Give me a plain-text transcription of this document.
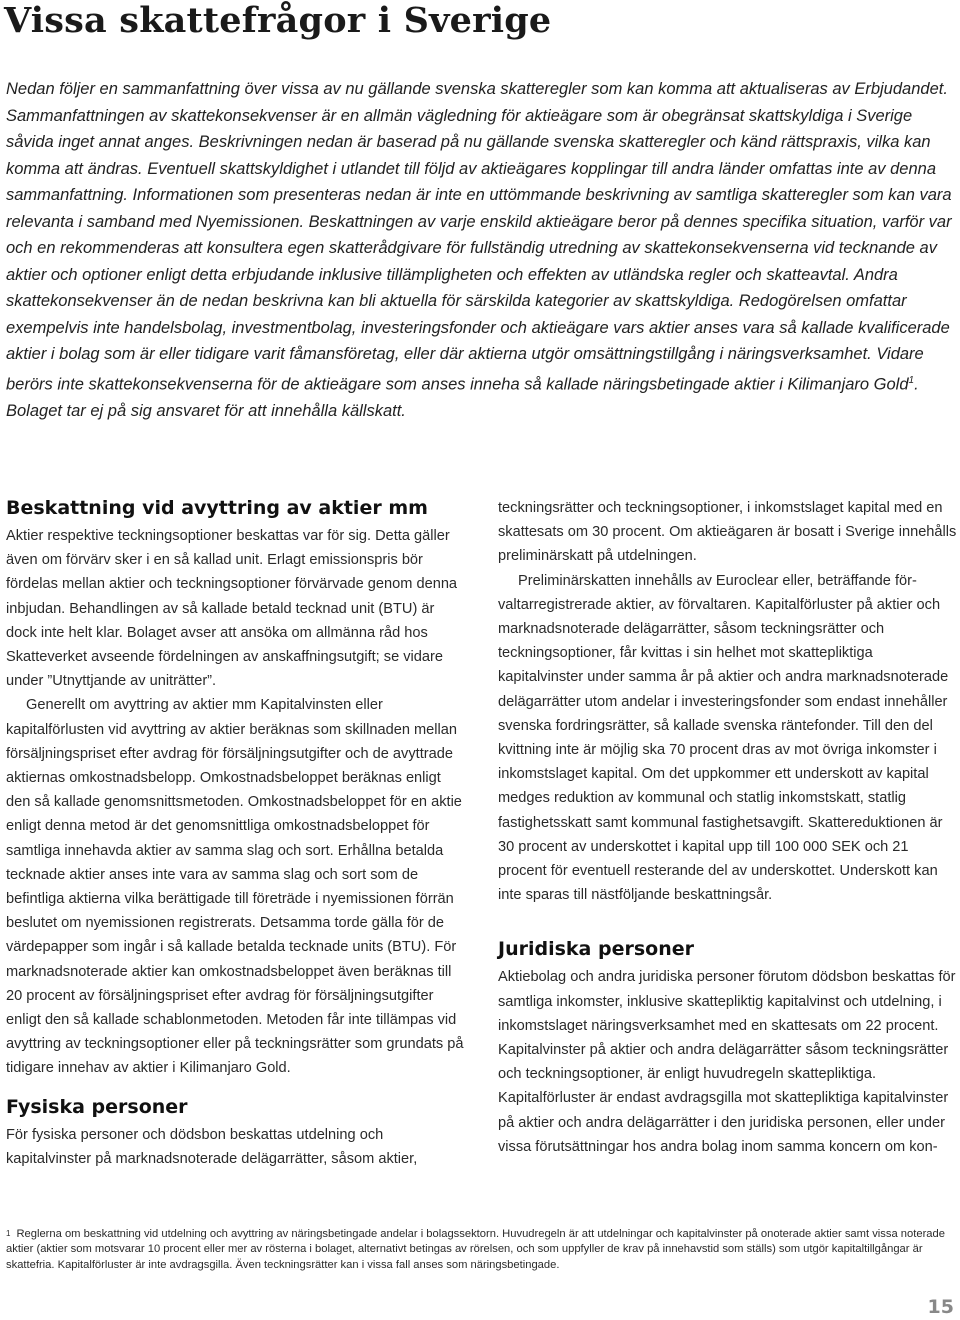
Vissa skattefrågor i Sverige

Nedan följer en sammanfattning över vissa av nu gällande svenska skatteregler som kan komma att aktualiseras av Erbjudandet. Sammanfattningen av skattekonsekvenser är en allmän vägledning för aktieägare som är obegränsat skattskyldiga i Sverige såvida inget annat anges. Beskrivningen nedan är baserad på nu gällande svenska skatteregler och känd rättspraxis, vilka kan komma att ändras. Eventuell skattskyldighet i utlandet till följd av aktieägares kopplingar till andra länder omfattas inte av denna sammanfattning. Informationen som presenteras nedan är inte en uttömmande beskrivning av samtliga skatteregler som kan vara relevanta i samband med Nyemissionen. Beskattningen av varje enskild aktieägare beror på dennes specifika situation, varför var och en rekommenderas att konsultera egen skatterådgivare för fullständig utredning av skattekonsekvenserna vid tecknande av aktier och optioner enligt detta erbjudande inklusive tillämpligheten och effekten av utländska regler och skatteavtal. Andra skattekonsekvenser än de nedan beskrivna kan bli aktuella för särskilda kategorier av skattskyldiga. Redogörelsen omfattar exempelvis inte handelsbolag, investmentbolag, investeringsfonder och aktieägare vars aktier anses vara så kallade kvalificerade aktier i bolag som är eller tidigare varit fåmansföretag, eller där aktierna utgör omsättningstillgång i näringsverksamhet. Vidare berörs inte skattekonsekvenserna för de aktieägare som anses inneha så kallade näringsbetingade aktier i Kilimanjaro Gold$^1$. Bolaget tar ej på sig ansvaret för att innehålla källskatt.

Beskattning vid avyttring av aktier mm

Aktier respektive teckningsoptioner beskattas var för sig. Detta gäller även om förvärv sker i en så kallad unit. Erlagt emissionspris bör fördelas mellan aktier och teckningsoptioner förvärvade genom denna inbjudan. Behandlingen av så kallade betald tecknad unit (BTU) är dock inte helt klar. Bolaget avser att ansöka om allmänna råd hos Skatteverket avseende fördelningen av anskaffningsutgift; se vidare under ”Utnyttjande av uniträtter”.

Generellt om avyttring av aktier mm Kapitalvinsten eller kapitalförlusten vid avyttring av aktier beräknas som skillnaden mellan försäljningspriset efter avdrag för försäljningsutgifter och de avyttrade aktiernas omkostnadsbelopp. Omkostnadsbeloppet beräknas enligt den så kallade genomsnittsmetoden. Omkostnadsbeloppet för en aktie enligt denna metod är det genomsnittliga omkostnadsbeloppet för samtliga innehavda aktier av samma slag och sort. Erhållna betalda tecknade aktier anses inte vara av samma slag och sort som de befintliga aktierna vilka berättigade till företräde i nyemissionen förrän beslutet om nyemissionen registrerats. Detsamma torde gälla för de värdepapper som ingår i så kallade betalda tecknade units (BTU). För marknadsnoterade aktier kan omkostnadsbeloppet även beräknas till 20 procent av försäljningspriset efter avdrag för försäljningsutgifter enligt den så kallade schablonmetoden. Metoden får inte tillämpas vid avyttring av teckningsoptioner eller på teckningsrätter som grundats på tidigare innehav av aktier i Kilimanjaro Gold.

Fysiska personer

För fysiska personer och dödsbon beskattas utdelning och kapitalvinster på marknadsnoterade delägarrätter, såsom aktier,

teckningsrätter och teckningsoptioner, i inkomstslaget kapital med en skattesats om 30 procent. Om aktieägaren är bosatt i Sverige innehålls preliminärskatt på utdelningen.

Preliminärskatten innehålls av Euroclear eller, beträffande förvaltarregistrerade aktier, av förvaltaren. Kapitalförluster på aktier och marknadsnoterade delägarrätter, såsom teckningsrätter och teckningsoptioner, får kvittas i sin helhet mot skattepliktiga kapitalvinster under samma år på aktier och andra marknadsnoterade delägarrätter utom andelar i investeringsfonder som endast innehåller svenska fordringsrätter, så kallade svenska räntefonder. Till den del kvittning inte är möjlig ska 70 procent dras av mot övriga inkomster i inkomstslaget kapital. Om det uppkommer ett underskott av kapital medges reduktion av kommunal och statlig inkomstskatt, statlig fastighetsskatt samt kommunal fastighetsavgift. Skattereduktionen är 30 procent av underskottet i kapital upp till 100 000 SEK och 21 procent för eventuell resterande del av underskottet. Underskott kan inte sparas till nästföljande beskattningsår.

Juridiska personer

Aktiebolag och andra juridiska personer förutom dödsbon beskattas för samtliga inkomster, inklusive skattepliktig kapitalvinst och utdelning, i inkomstslaget näringsverksamhet med en skattesats om 22 procent. Kapitalvinster på aktier och andra delägarrätter såsom teckningsrätter och teckningsoptioner, är enligt huvudregeln skattepliktiga. Kapitalförluster är endast avdragsgilla mot skattepliktiga kapitalvinster på aktier och andra delägarrätter i den juridiska personen, eller under vissa förutsättningar hos andra bolag inom samma koncern om kon-

$^1$ Reglerna om beskattning vid utdelning och avyttring av näringsbetingade andelar i bolagssektorn. Huvudregeln är att utdelningar och kapitalvinster på onoterade aktier samt vissa noterade aktier (aktier som motsvarar 10 procent eller mer av rösterna i bolaget, alternativt betingas av rörelsen, och som uppfyller de krav på innehavstid som ställs) som utgör kapitaltillgångar är skattefria. Kapitalförluster är inte avdragsgilla. Även teckningsrätter kan i vissa fall anses som näringsbetingade.

15
